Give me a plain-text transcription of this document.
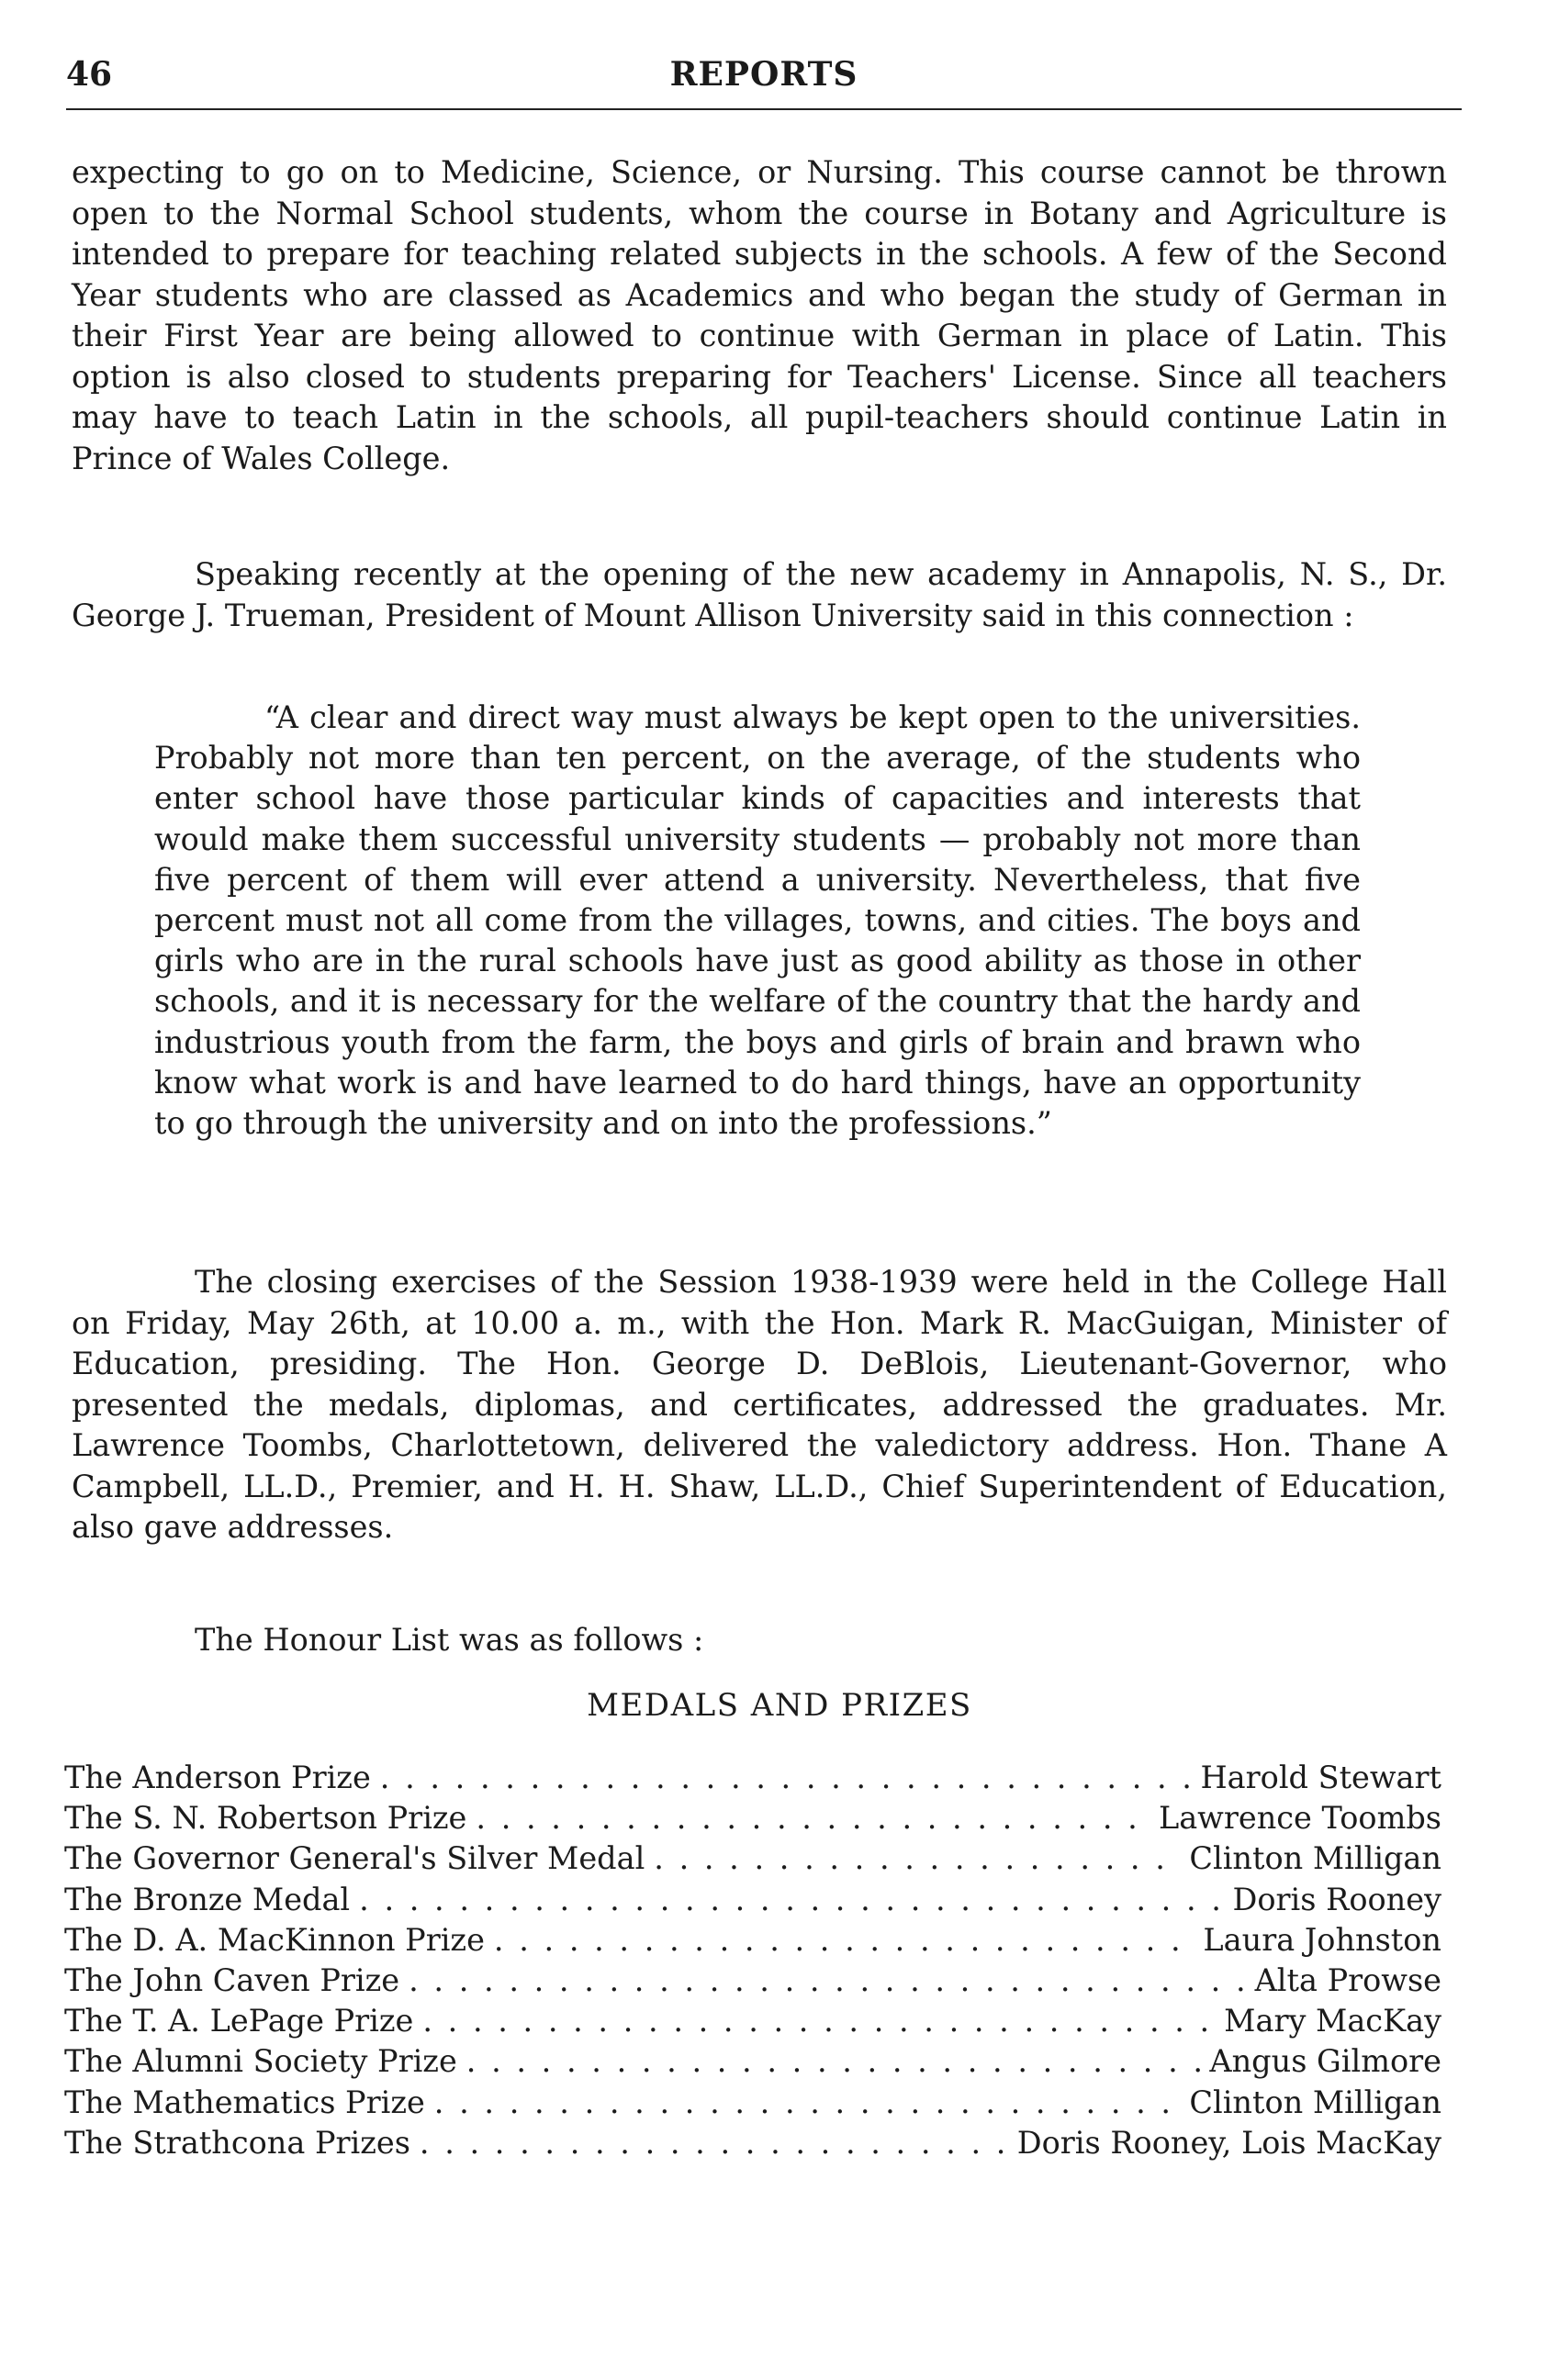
46	REPORTS

expecting to go on to Medicine, Science, or Nursing. This course cannot be thrown open to the Normal School students, whom the course in Botany and Agriculture is intended to prepare for teaching related subjects in the schools. A few of the Second Year students who are classed as Academics and who began the study of German in their First Year are being allowed to continue with German in place of Latin. This option is also closed to students preparing for Teachers' License. Since all teachers may have to teach Latin in the schools, all pupil-teachers should continue Latin in Prince of Wales College.

Speaking recently at the opening of the new academy in Annapolis, N. S., Dr. George J. Trueman, President of Mount Allison University said in this connection :

“A clear and direct way must always be kept open to the universities. Probably not more than ten percent, on the average, of the students who enter school have those particular kinds of capacities and interests that would make them successful university students — probably not more than five percent of them will ever attend a university. Nevertheless, that five percent must not all come from the villages, towns, and cities. The boys and girls who are in the rural schools have just as good ability as those in other schools, and it is necessary for the welfare of the country that the hardy and industrious youth from the farm, the boys and girls of brain and brawn who know what work is and have learned to do hard things, have an opportunity to go through the university and on into the professions.”

The closing exercises of the Session 1938-1939 were held in the College Hall on Friday, May 26th, at 10.00 a. m., with the Hon. Mark R. MacGuigan, Minister of Education, presiding. The Hon. George D. DeBlois, Lieutenant-Governor, who presented the medals, diplomas, and certificates, addressed the graduates. Mr. Lawrence Toombs, Charlottetown, delivered the valedictory address. Hon. Thane A Campbell, LL.D., Premier, and H. H. Shaw, LL.D., Chief Superintendent of Education, also gave addresses.

The Honour List was as follows :

MEDALS AND PRIZES
The Anderson Prize . . .	Harold Stewart
The S. N. Robertson Prize . . .	Lawrence Toombs
The Governor General's Silver Medal . . .	Clinton Milligan
The Bronze Medal . . .	Doris Rooney
The D. A. MacKinnon Prize . . .	Laura Johnston
The John Caven Prize . . .	Alta Prowse
The T. A. LePage Prize . . .	Mary MacKay
The Alumni Society Prize . . .	Angus Gilmore
The Mathematics Prize . . .	Clinton Milligan
The Strathcona Prizes . . .	Doris Rooney, Lois MacKay
